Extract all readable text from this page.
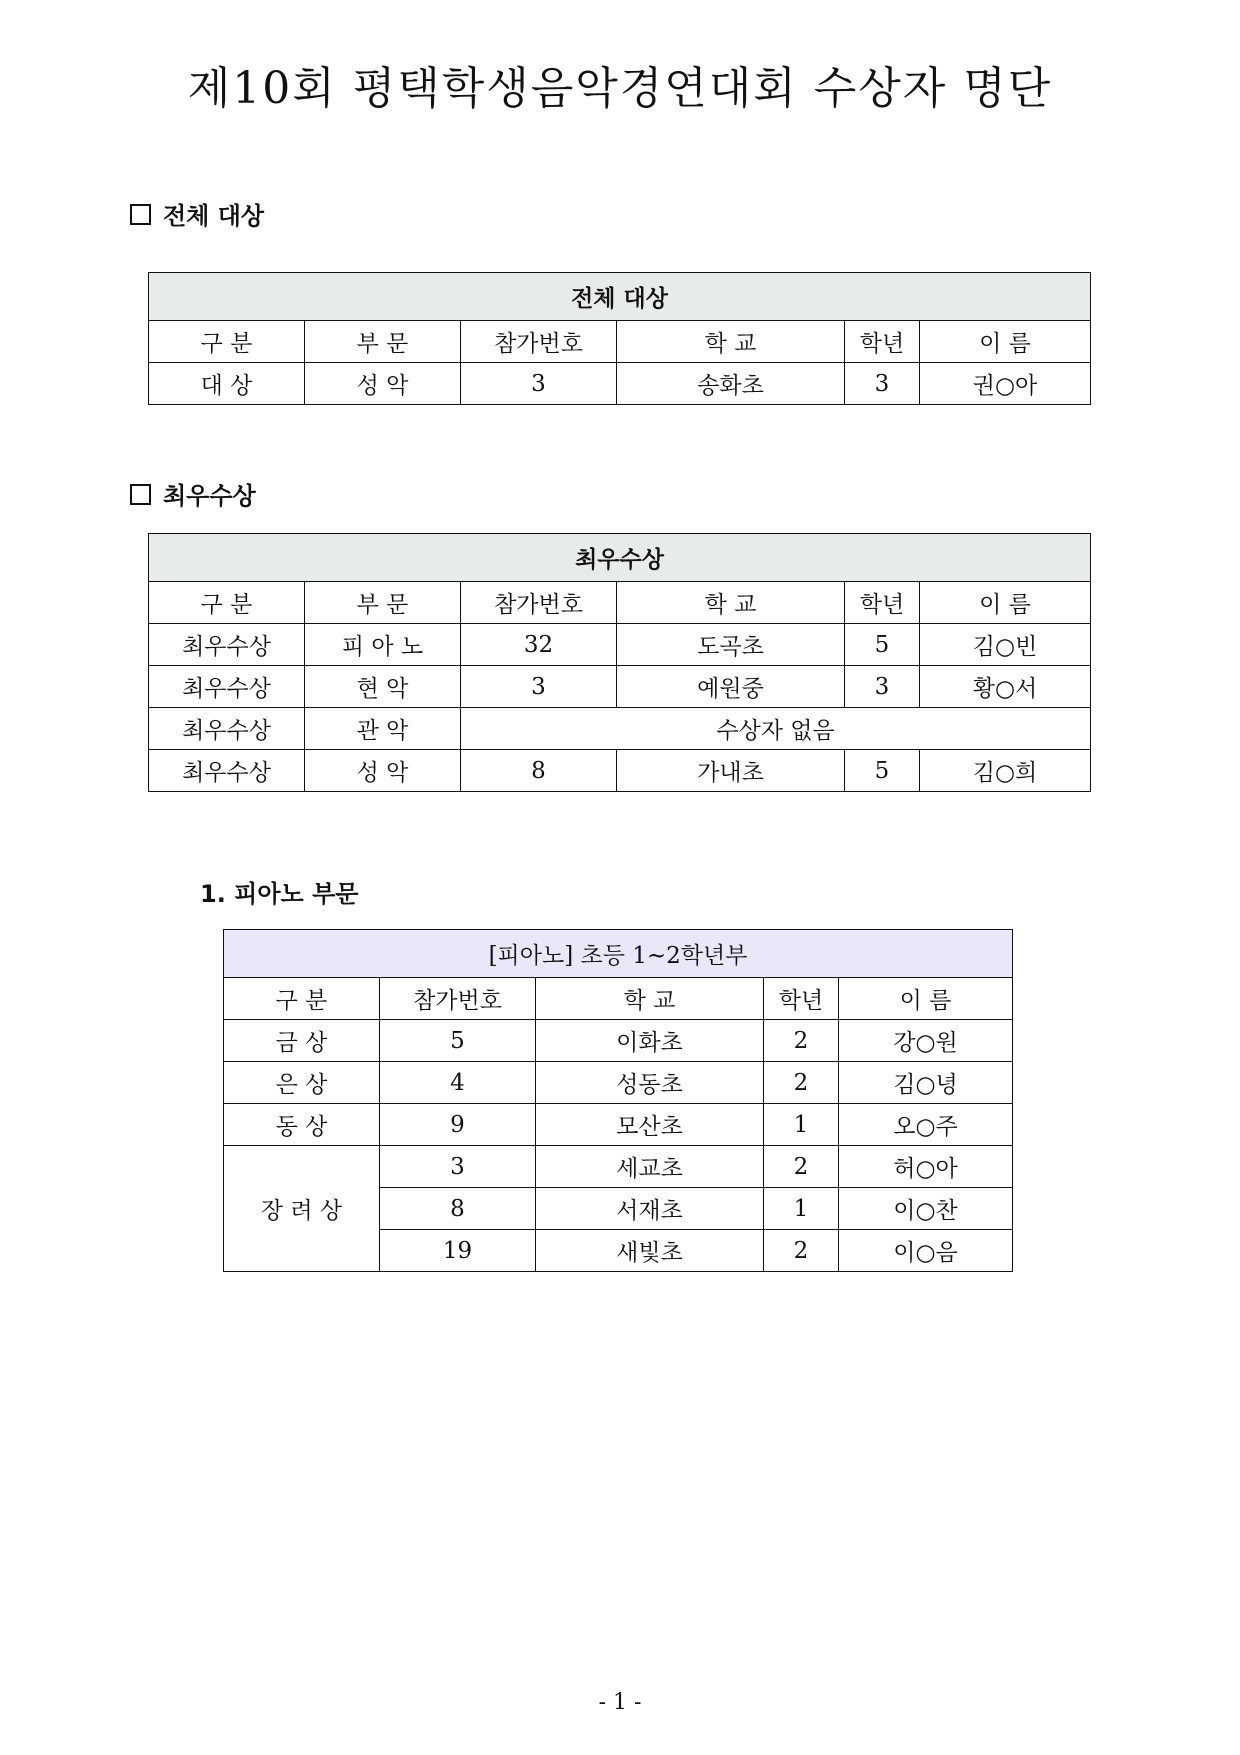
제10회 평택학생음악경연대회 수상자 명단
전체 대상
전체 대상					
구 분	부 문	참가번호	학 교	학년	이 름
대 상	성 악	3	송화초	3	권○아
최우수상
최우수상					
구 분	부 문	참가번호	학 교	학년	이 름
최우수상	피 아 노	32	도곡초	5	김○빈
최우수상	현 악	3	예원중	3	황○서
최우수상	관 악	수상자 없음			
최우수상	성 악	8	가내초	5	김○희
1. 피아노 부문
[피아노] 초등 1~2학년부				
구 분	참가번호	학 교	학년	이 름
금 상	5	이화초	2	강○원
은 상	4	성동초	2	김○녕
동 상	9	모산초	1	오○주
장 려 상	3	세교초	2	허○아
	8	서재초	1	이○찬
	19	새빛초	2	이○음
- 1 -
